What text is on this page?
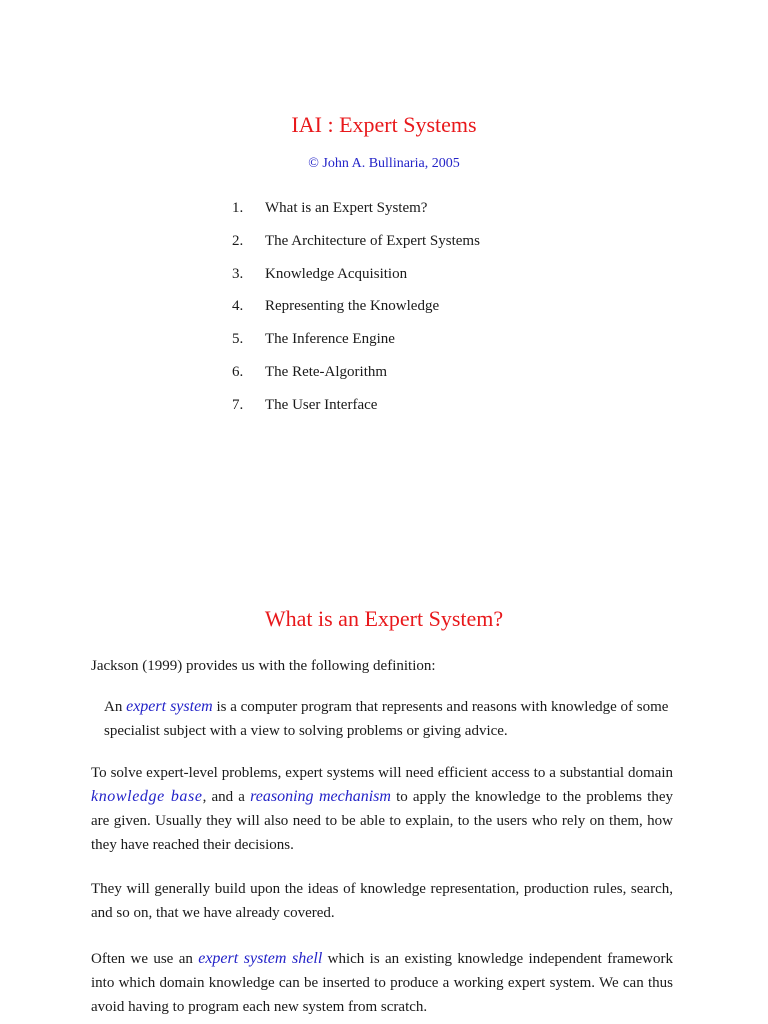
IAI : Expert Systems
© John A. Bullinaria, 2005
1.	What is an Expert System?
2.	The Architecture of Expert Systems
3.	Knowledge Acquisition
4.	Representing the Knowledge
5.	The Inference Engine
6.	The Rete-Algorithm
7.	The User Interface
What is an Expert System?

Jackson (1999) provides us with the following definition:

An expert system is a computer program that represents and reasons with knowledge of some specialist subject with a view to solving problems or giving advice.

To solve expert-level problems, expert systems will need efficient access to a substantial domain knowledge base, and a reasoning mechanism to apply the knowledge to the problems they are given. Usually they will also need to be able to explain, to the users who rely on them, how they have reached their decisions.

They will generally build upon the ideas of knowledge representation, production rules, search, and so on, that we have already covered.

Often we use an expert system shell which is an existing knowledge independent framework into which domain knowledge can be inserted to produce a working expert system. We can thus avoid having to program each new system from scratch.
